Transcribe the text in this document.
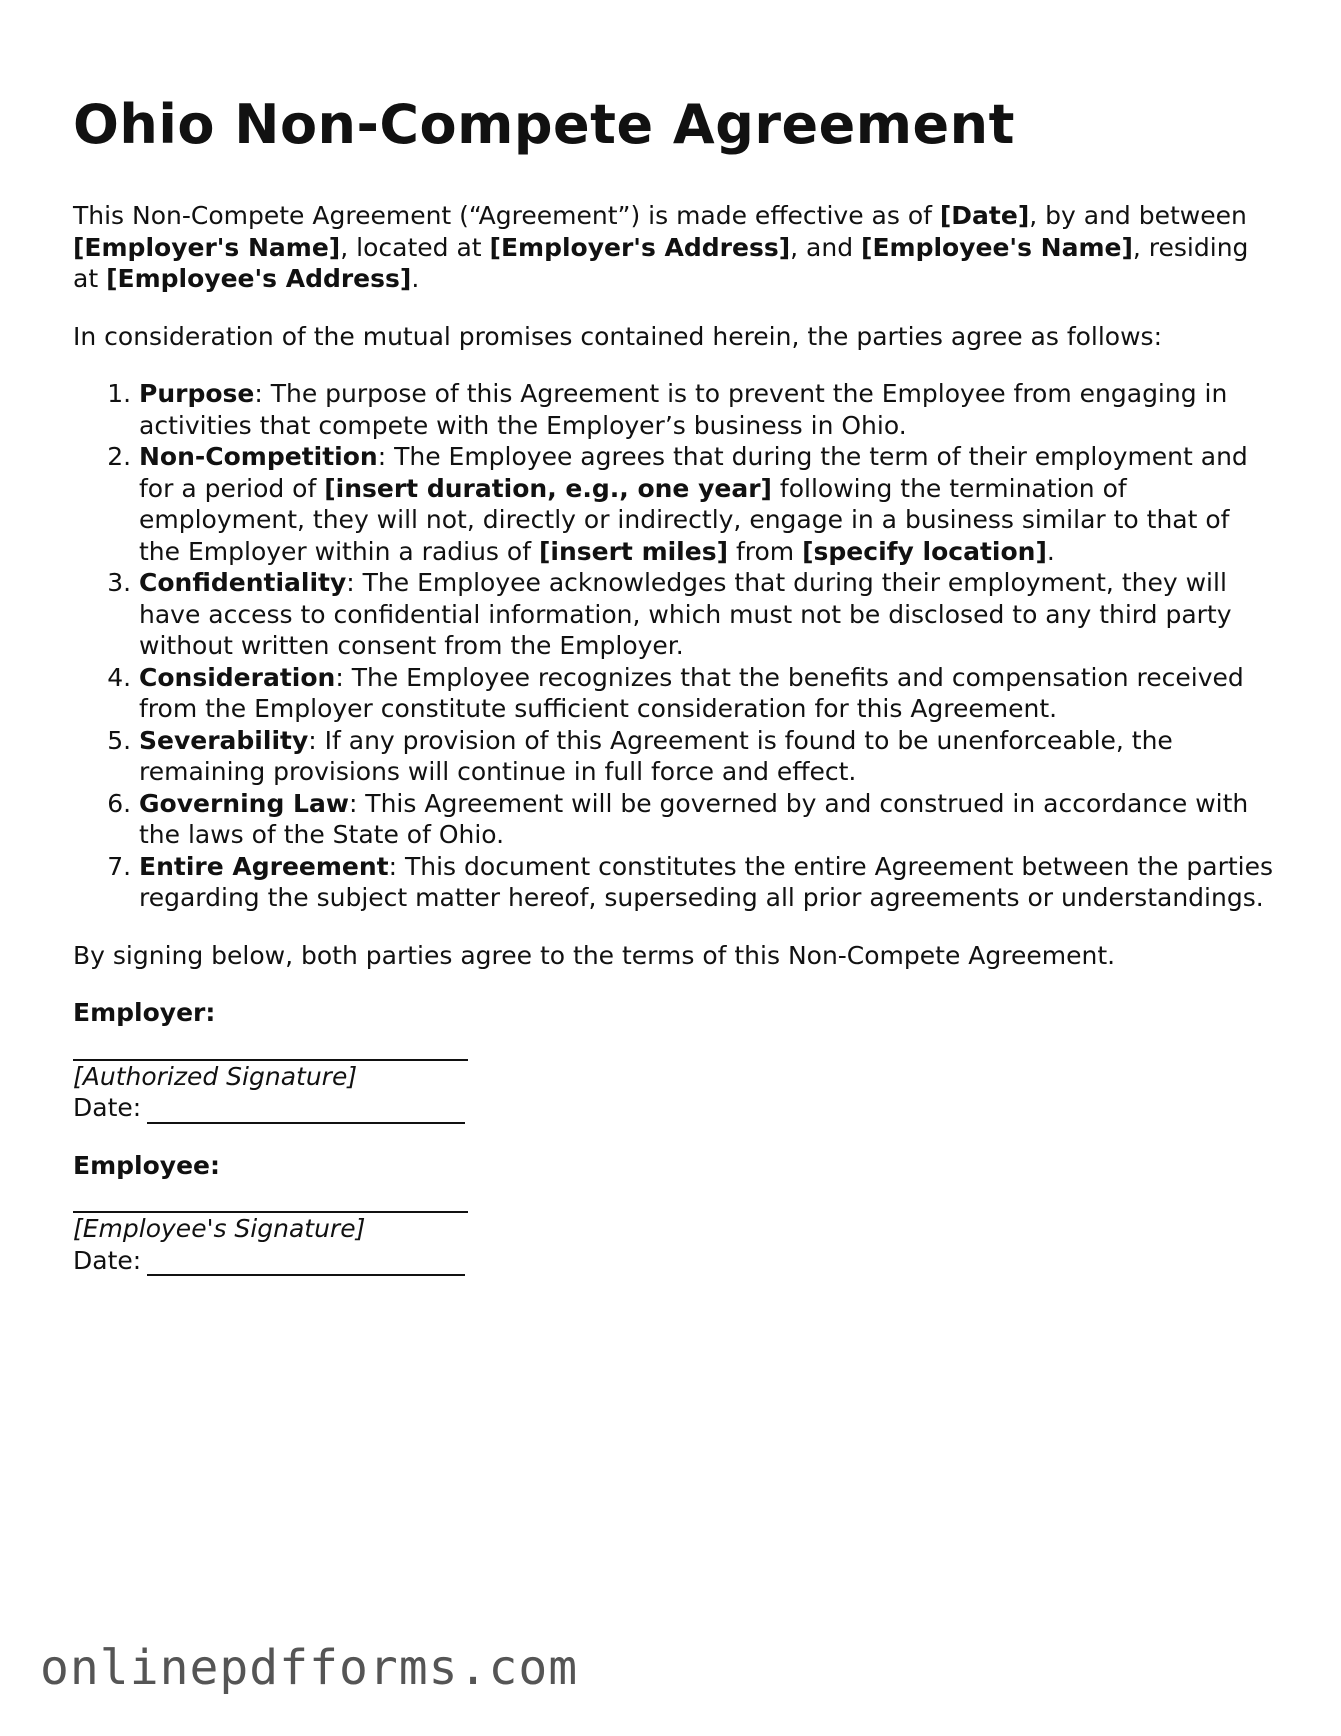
Ohio Non-Compete Agreement

This Non-Compete Agreement (“Agreement”) is made effective as of [Date], by and between [Employer's Name], located at [Employer's Address], and [Employee's Name], residing at [Employee's Address].

In consideration of the mutual promises contained herein, the parties agree as follows:

1. Purpose: The purpose of this Agreement is to prevent the Employee from engaging in activities that compete with the Employer’s business in Ohio.
2. Non-Competition: The Employee agrees that during the term of their employment and for a period of [insert duration, e.g., one year] following the termination of employment, they will not, directly or indirectly, engage in a business similar to that of the Employer within a radius of [insert miles] from [specify location].
3. Confidentiality: The Employee acknowledges that during their employment, they will have access to confidential information, which must not be disclosed to any third party without written consent from the Employer.
4. Consideration: The Employee recognizes that the benefits and compensation received from the Employer constitute sufficient consideration for this Agreement.
5. Severability: If any provision of this Agreement is found to be unenforceable, the remaining provisions will continue in full force and effect.
6. Governing Law: This Agreement will be governed by and construed in accordance with the laws of the State of Ohio.
7. Entire Agreement: This document constitutes the entire Agreement between the parties regarding the subject matter hereof, superseding all prior agreements or understandings.

By signing below, both parties agree to the terms of this Non-Compete Agreement.

Employer:
[Authorized Signature]
Date:
Employee:
[Employee's Signature]
Date:
onlinepdfforms.com
